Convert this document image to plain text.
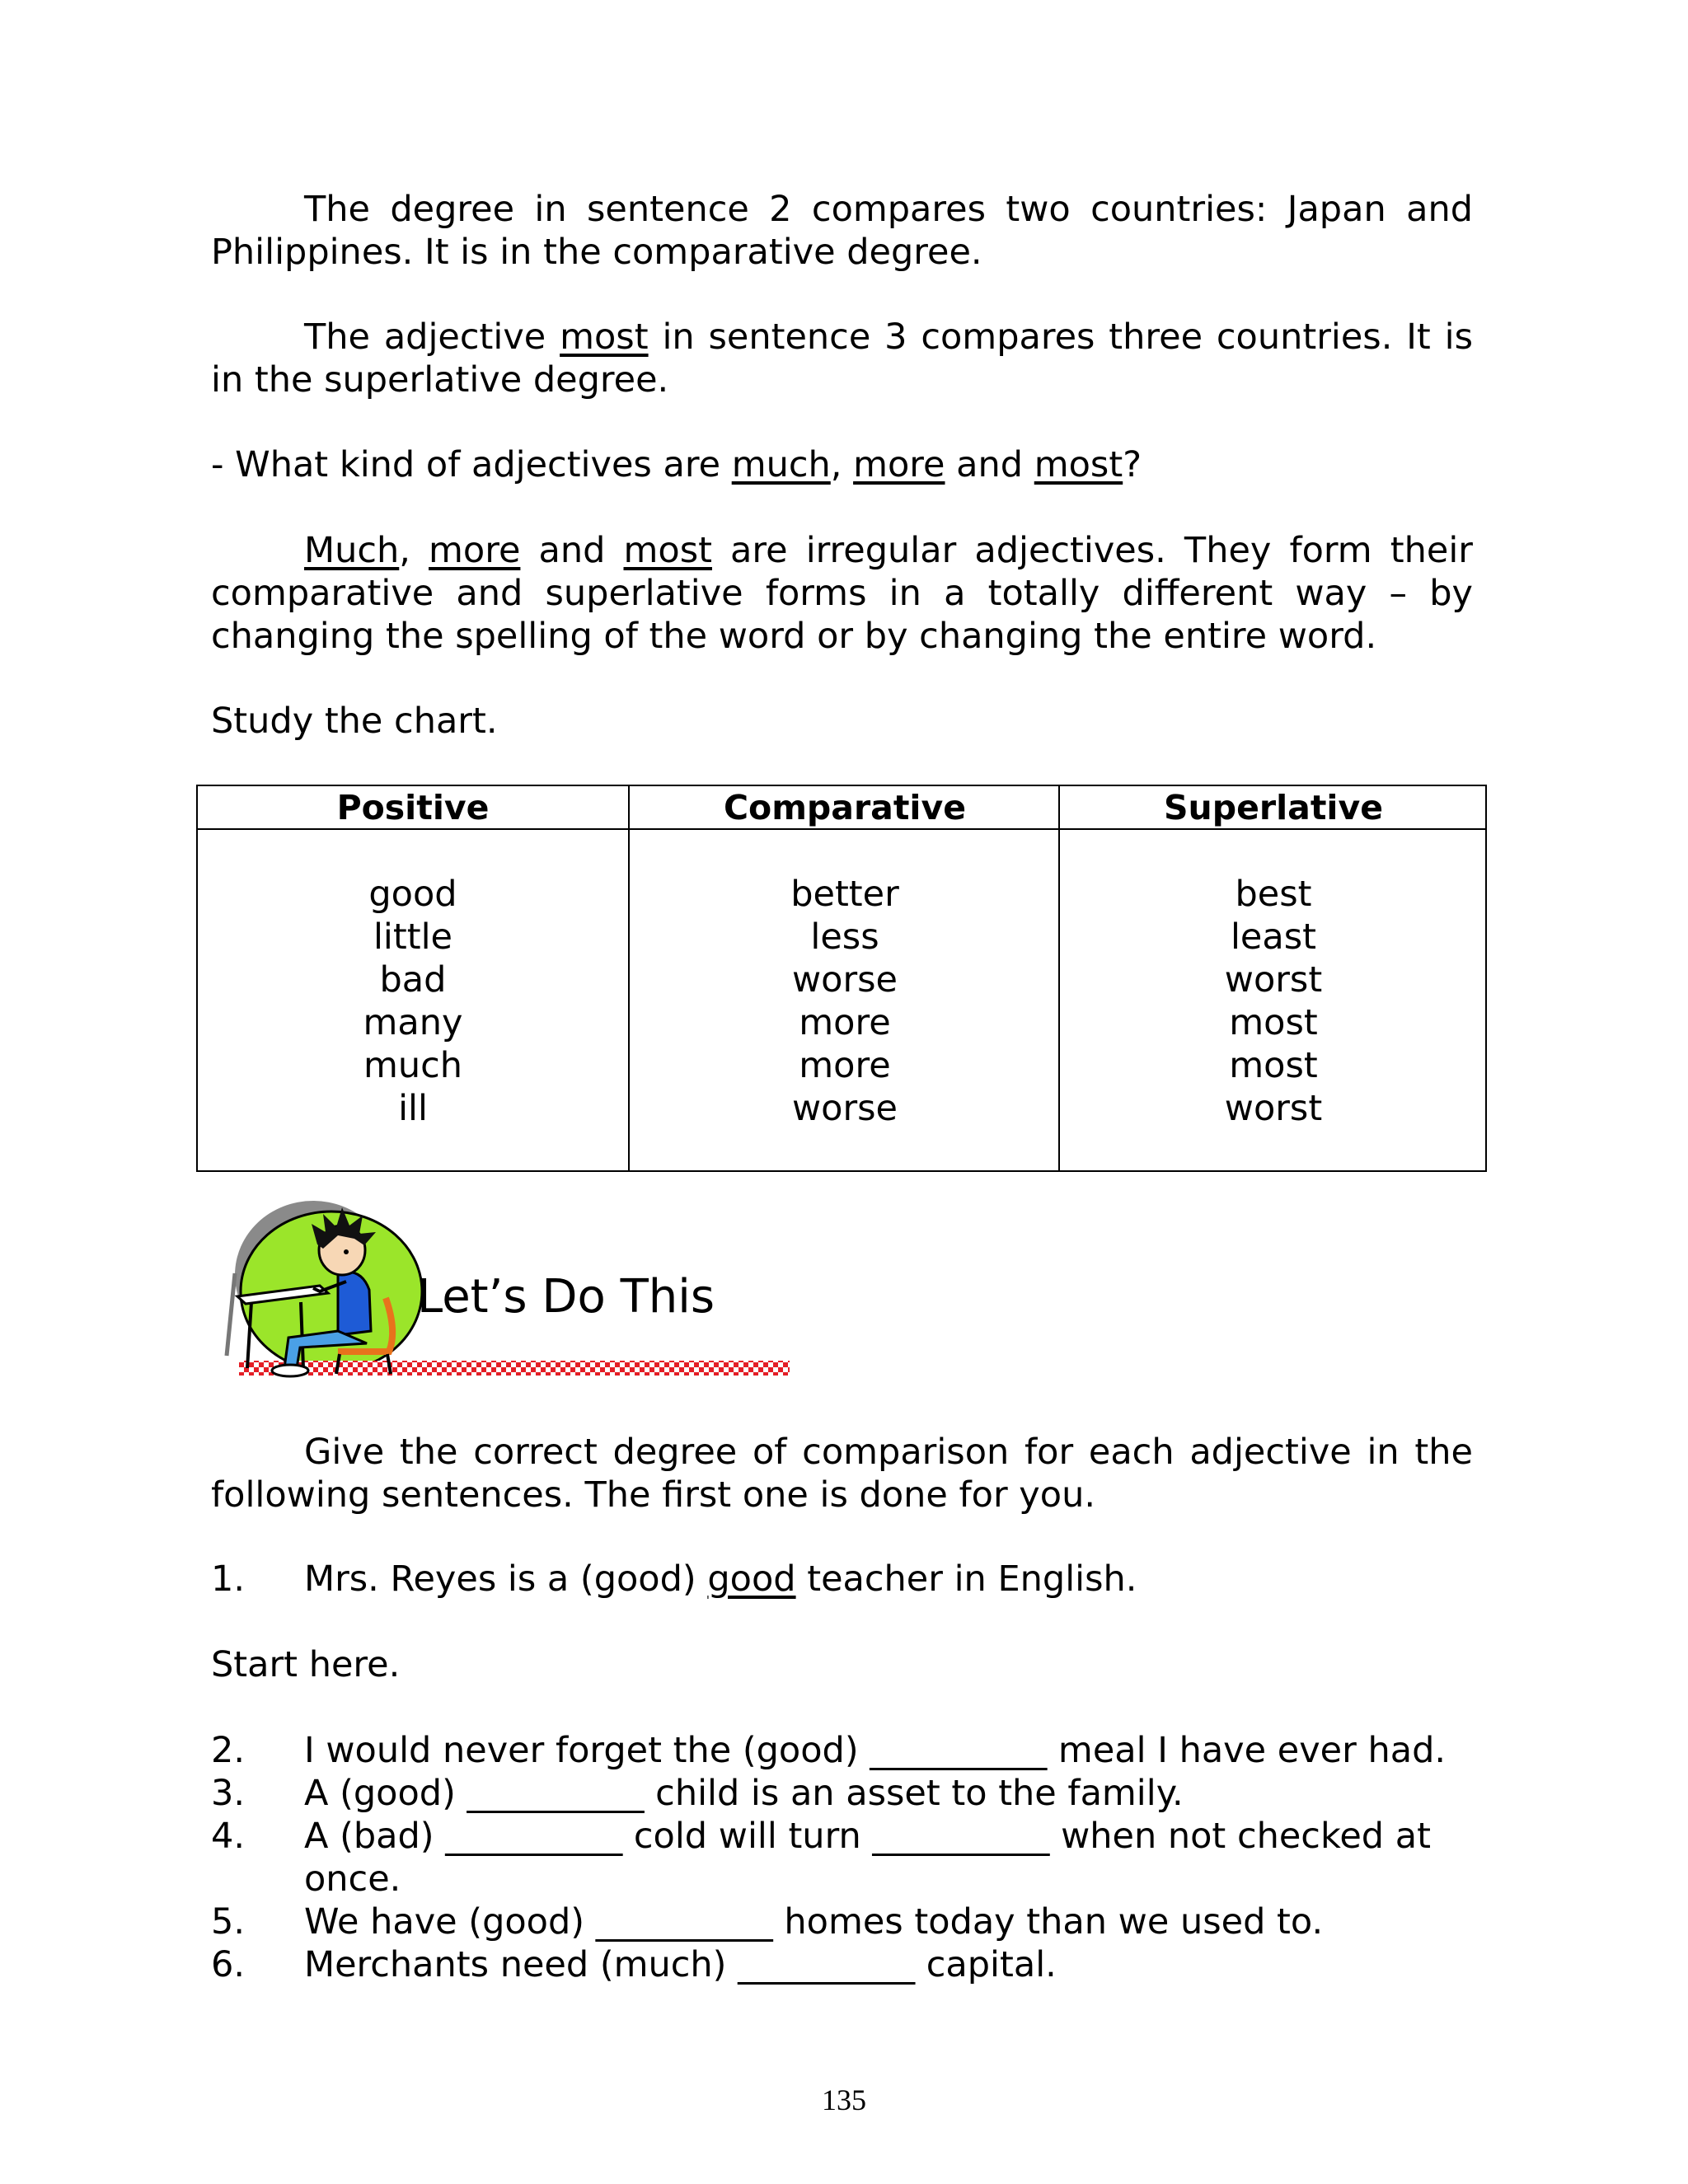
The degree in sentence 2 compares two countries: Japan and Philippines. It is in the comparative degree.
The adjective most in sentence 3 compares three countries. It is in the superlative degree.
- What kind of adjectives are much, more and most?
Much, more and most are irregular adjectives. They form their comparative and superlative forms in a totally different way – by changing the spelling of the word or by changing the entire word.
Study the chart.
Positive
good
little
bad
many
much
ill
Comparative
better
less
worse
more
more
worse
Superlative
best
least
worst
most
most
worst
Let’s Do This
Give the correct degree of comparison for each adjective in the following sentences. The first one is done for you.
1. Mrs. Reyes is a (good) good teacher in English.
Start here.
2. I would never forget the (good) __________ meal I have ever had.
3. A (good) __________ child is an asset to the family.
4. A (bad) __________ cold will turn __________ when not checked at once.
5. We have (good) __________ homes today than we used to.
6. Merchants need (much) __________ capital.
135
